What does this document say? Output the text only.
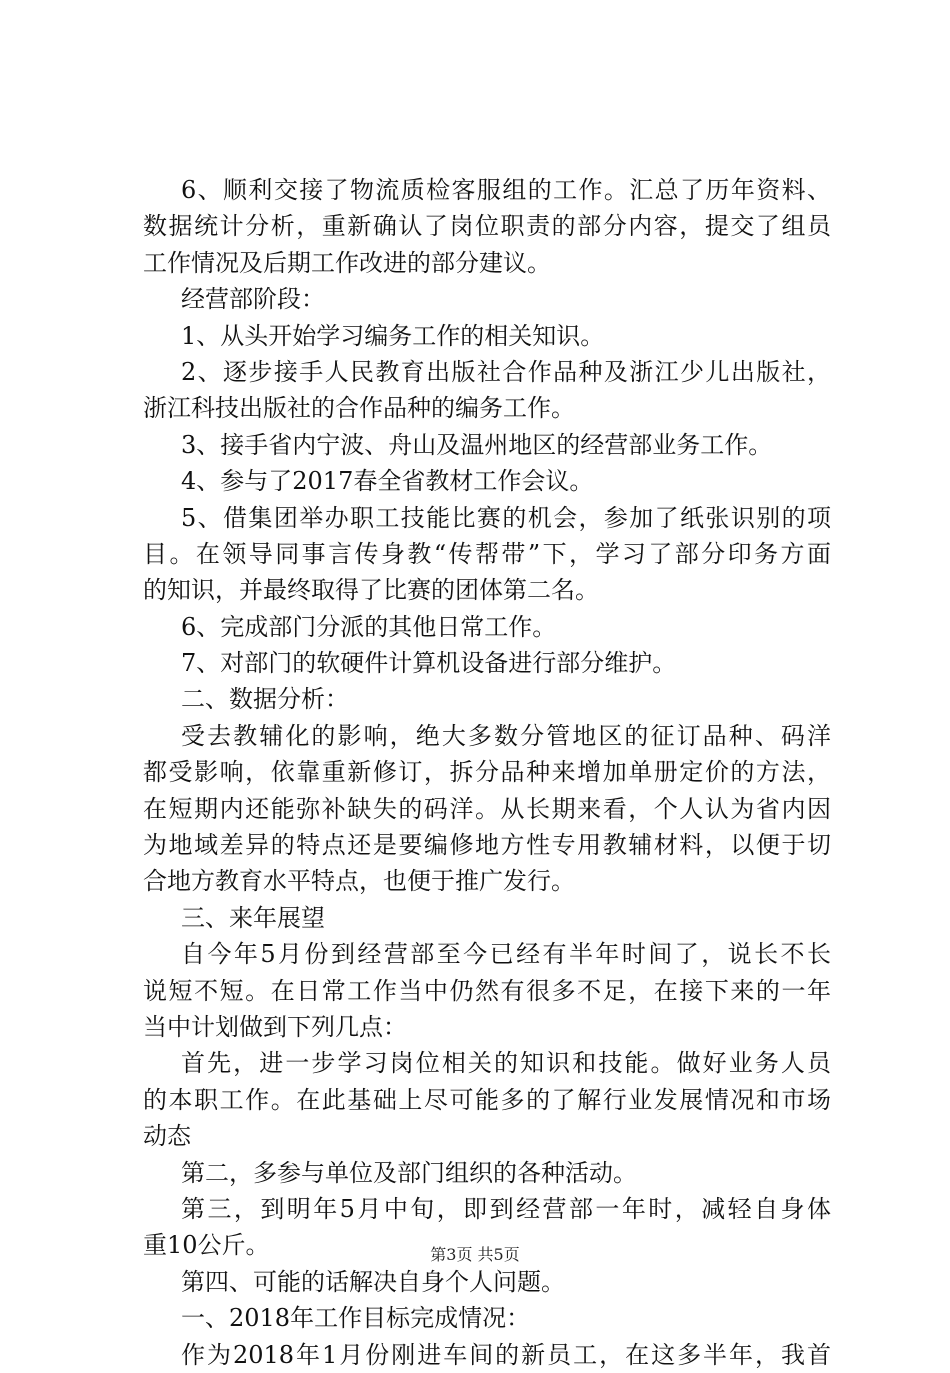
6、顺利交接了物流质检客服组的工作。汇总了历年资料、
数据统计分析，重新确认了岗位职责的部分内容，提交了组员
工作情况及后期工作改进的部分建议。
经营部阶段：
1、从头开始学习编务工作的相关知识。
2、逐步接手人民教育出版社合作品种及浙江少儿出版社，
浙江科技出版社的合作品种的编务工作。
3、接手省内宁波、舟山及温州地区的经营部业务工作。
4、参与了2017春全省教材工作会议。
5、借集团举办职工技能比赛的机会，参加了纸张识别的项
目。在领导同事言传身教“传帮带”下，学习了部分印务方面
的知识，并最终取得了比赛的团体第二名。
6、完成部门分派的其他日常工作。
7、对部门的软硬件计算机设备进行部分维护。
二、数据分析：
受去教辅化的影响，绝大多数分管地区的征订品种、码洋
都受影响，依靠重新修订，拆分品种来增加单册定价的方法，
在短期内还能弥补缺失的码洋。从长期来看，个人认为省内因
为地域差异的特点还是要编修地方性专用教辅材料，以便于切
合地方教育水平特点，也便于推广发行。
三、来年展望
自今年5月份到经营部至今已经有半年时间了，说长不长
说短不短。在日常工作当中仍然有很多不足，在接下来的一年
当中计划做到下列几点：
首先，进一步学习岗位相关的知识和技能。做好业务人员
的本职工作。在此基础上尽可能多的了解行业发展情况和市场
动态
第二，多参与单位及部门组织的各种活动。
第三，到明年5月中旬，即到经营部一年时，减轻自身体
重10公斤。
第四、可能的话解决自身个人问题。
一、2018年工作目标完成情况：
作为2018年1月份刚进车间的新员工，在这多半年，我首
第3页 共5页
